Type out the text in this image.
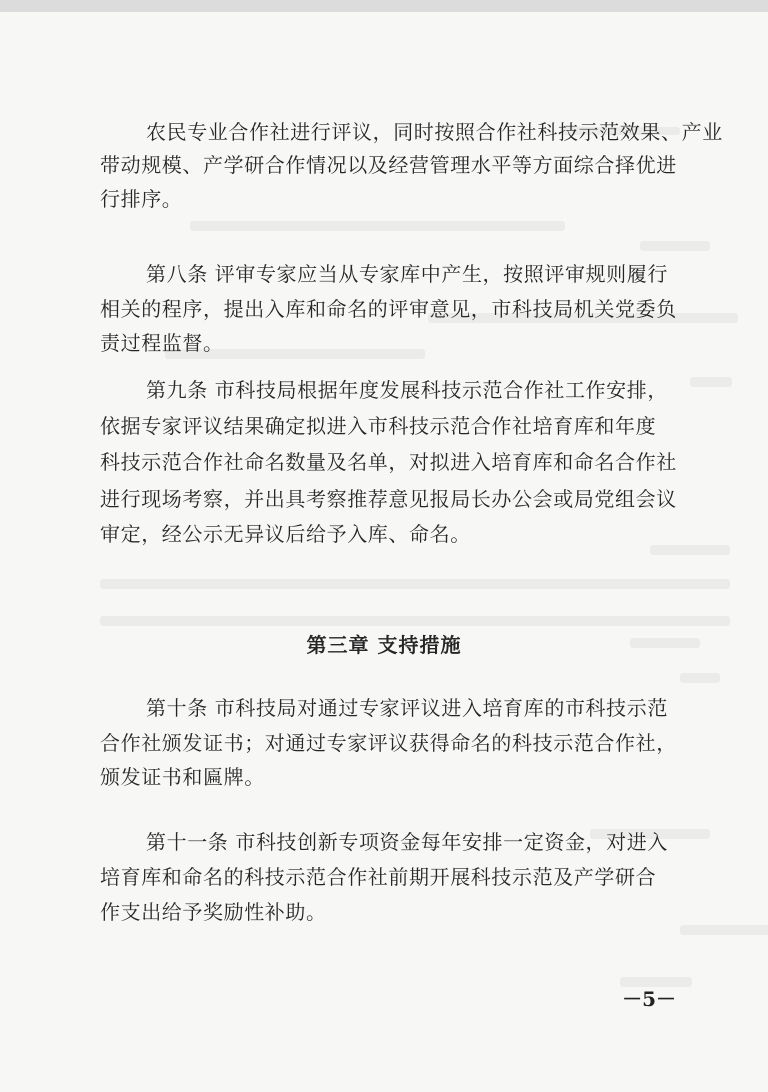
农民专业合作社进行评议，同时按照合作社科技示范效果、产业
带动规模、产学研合作情况以及经营管理水平等方面综合择优进
行排序。
第八条 评审专家应当从专家库中产生，按照评审规则履行
相关的程序，提出入库和命名的评审意见，市科技局机关党委负
责过程监督。
第九条 市科技局根据年度发展科技示范合作社工作安排，
依据专家评议结果确定拟进入市科技示范合作社培育库和年度
科技示范合作社命名数量及名单，对拟进入培育库和命名合作社
进行现场考察，并出具考察推荐意见报局长办公会或局党组会议
审定，经公示无异议后给予入库、命名。
第十条 市科技局对通过专家评议进入培育库的市科技示范
合作社颁发证书；对通过专家评议获得命名的科技示范合作社，
颁发证书和匾牌。
第十一条 市科技创新专项资金每年安排一定资金，对进入
培育库和命名的科技示范合作社前期开展科技示范及产学研合
作支出给予奖励性补助。
第三章 支持措施
－5－
